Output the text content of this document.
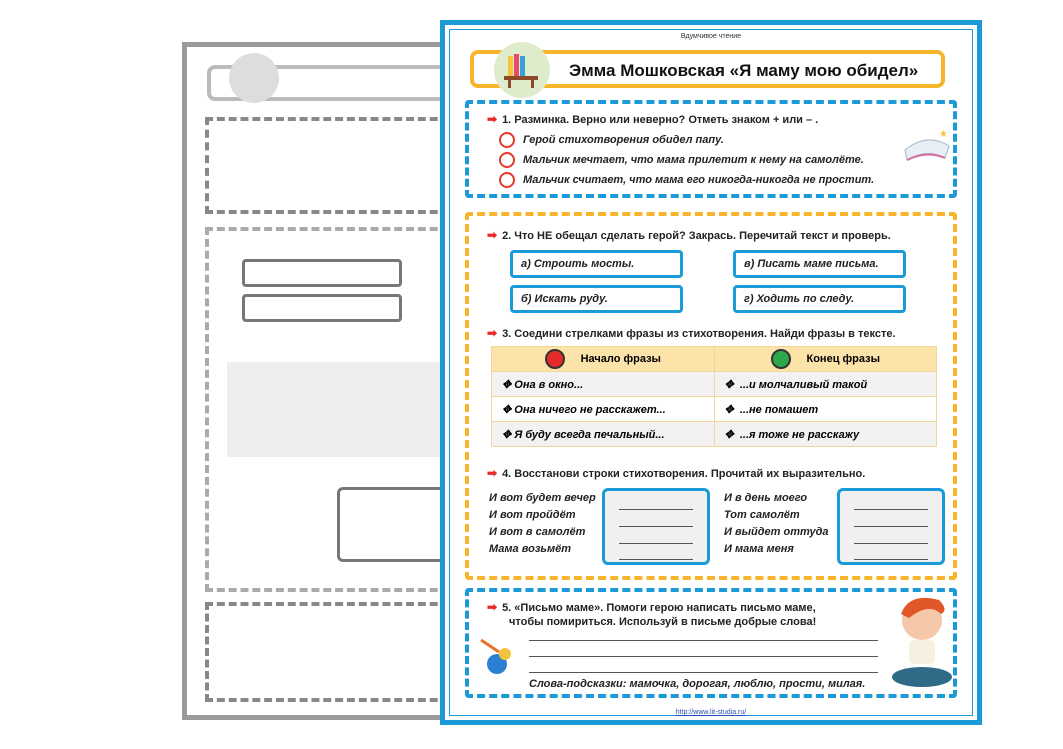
Вдумчивое чтение
Эмма Мошковская «Я маму мою обидел»
➡ 1. Разминка. Верно или неверно? Отметь знаком + или – .
Герой стихотворения обидел папу.
Мальчик мечтает, что мама прилетит к нему на самолёте.
Мальчик считает, что мама его никогда-никогда не простит.
★
➡ 2. Что НЕ обещал сделать герой? Закрась. Перечитай текст и проверь.
а) Строить мосты.
б) Искать руду.
в) Писать маме письма.
г) Ходить по следу.
➡ 3. Соедини стрелками фразы из стихотворения. Найди фразы в тексте.
Начало фразы	Конец фразы
✥ Она в окно...	✥  ...и молчаливый такой
✥ Она ничего не расскажет...	✥  ...не помашет
✥ Я буду всегда печальный...	✥  ...я тоже не расскажу
➡ 4. Восстанови строки стихотворения. Прочитай их выразительно.
И вот будет вечер
И вот пройдёт
И вот в самолёт
Мама возьмёт
И в день моего
Тот самолёт
И выйдет оттуда
И мама меня
➡ 5. «Письмо маме». Помоги герою написать письмо маме,
чтобы помириться. Используй в письме добрые слова!
Слова-подсказки: мамочка, дорогая, люблю, прости, милая.
http://www.lit-studia.ru/
